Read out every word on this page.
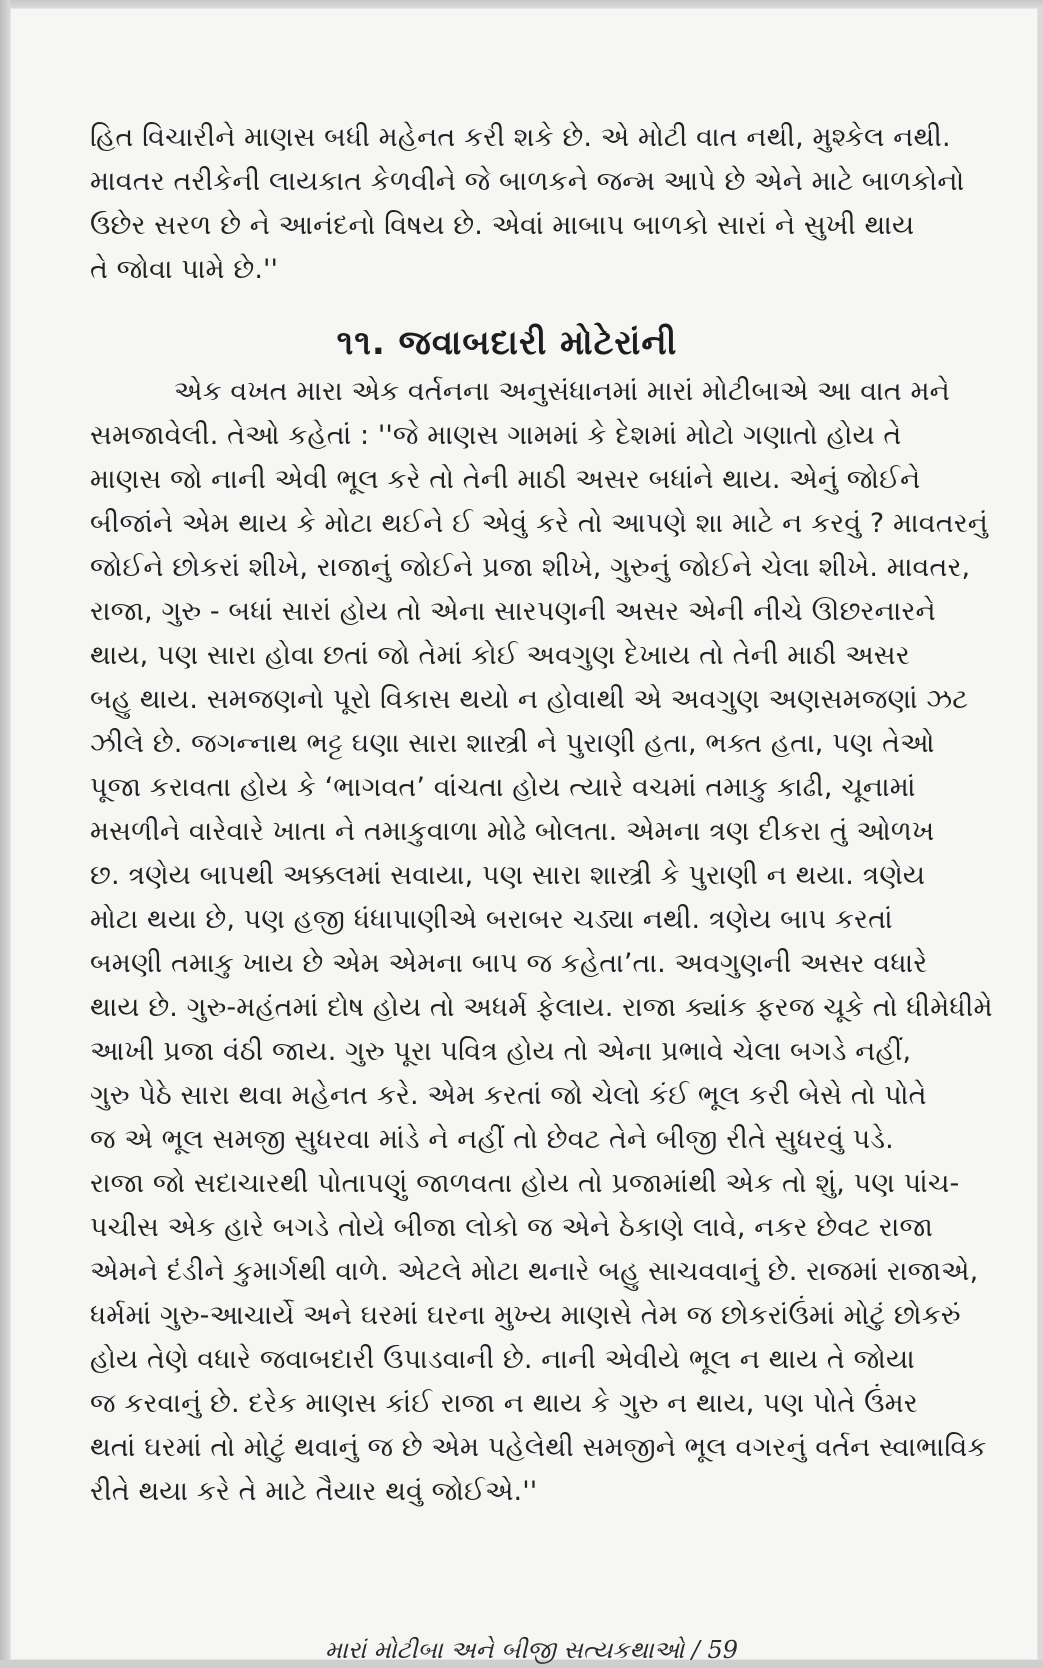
હિત વિચારીને માણસ બધી મહેનત કરી શકે છે. એ મોટી વાત નથી, મુશ્કેલ નથી.
માવતર તરીકેની લાયકાત કેળવીને જે બાળકને જન્મ આપે છે એને માટે બાળકોનો
ઉછેર સરળ છે ને આનંદનો વિષય છે. એવાં માબાપ બાળકો સારાં ને સુખી થાય
તે જોવા પામે છે.''
૧૧. જવાબદારી મોટેરાંની
એક વખત મારા એક વર્તનના અનુસંધાનમાં મારાં મોટીબાએ આ વાત મને
સમજાવેલી. તેઓ કહેતાં : ''જે માણસ ગામમાં કે દેશમાં મોટો ગણાતો હોય તે
માણસ જો નાની એવી ભૂલ કરે તો તેની માઠી અસર બધાંને થાય. એનું જોઈને
બીજાંને એમ થાય કે મોટા થઈને ઈ એવું કરે તો આપણે શા માટે ન કરવું ? માવતરનું
જોઈને છોકરાં શીખે, રાજાનું જોઈને પ્રજા શીખે, ગુરુનું જોઈને ચેલા શીખે. માવતર,
રાજા, ગુરુ - બધાં સારાં હોય તો એના સારપણની અસર એની નીચે ઊછરનારને
થાય, પણ સારા હોવા છતાં જો તેમાં કોઈ અવગુણ દેખાય તો તેની માઠી અસર
બહુ થાય. સમજણનો પૂરો વિકાસ થયો ન હોવાથી એ અવગુણ અણસમજણાં ઝટ
ઝીલે છે. જગન્નાથ ભટ્ટ ઘણા સારા શાસ્ત્રી ને પુરાણી હતા, ભક્ત હતા, પણ તેઓ
પૂજા કરાવતા હોય કે ‘ભાગવત’ વાંચતા હોય ત્યારે વચમાં તમાકુ કાઢી, ચૂનામાં
મસળીને વારેવારે ખાતા ને તમાકુવાળા મોઢે બોલતા. એમના ત્રણ દીકરા તું ઓળખ
છ. ત્રણેય બાપથી અક્કલમાં સવાયા, પણ સારા શાસ્ત્રી કે પુરાણી ન થયા. ત્રણેય
મોટા થયા છે, પણ હજી ધંધાપાણીએ બરાબર ચડ્યા નથી. ત્રણેય બાપ કરતાં
બમણી તમાકુ ખાય છે એમ એમના બાપ જ કહેતા’તા. અવગુણની અસર વધારે
થાય છે. ગુરુ-મહંતમાં દોષ હોય તો અધર્મ ફેલાય. રાજા ક્યાંક ફરજ ચૂકે તો ધીમેધીમે
આખી પ્રજા વંઠી જાય. ગુરુ પૂરા પવિત્ર હોય તો એના પ્રભાવે ચેલા બગડે નહીં,
ગુરુ પેઠે સારા થવા મહેનત કરે. એમ કરતાં જો ચેલો કંઈ ભૂલ કરી બેસે તો પોતે
જ એ ભૂલ સમજી સુધરવા માંડે ને નહીં તો છેવટ તેને બીજી રીતે સુધરવું પડે.
રાજા જો સદાચારથી પોતાપણું જાળવતા હોય તો પ્રજામાંથી એક તો શું, પણ પાંચ-
પચીસ એક હારે બગડે તોયે બીજા લોકો જ એને ઠેકાણે લાવે, નકર છેવટ રાજા
એમને દંડીને કુમાર્ગથી વાળે. એટલે મોટા થનારે બહુ સાચવવાનું છે. રાજમાં રાજાએ,
ધર્મમાં ગુરુ-આચાર્યે અને ઘરમાં ઘરના મુખ્ય માણસે તેમ જ છોકરાંઉંમાં મોટું છોકરું
હોય તેણે વધારે જવાબદારી ઉપાડવાની છે. નાની એવીયે ભૂલ ન થાય તે જોયા
જ કરવાનું છે. દરેક માણસ કાંઈ રાજા ન થાય કે ગુરુ ન થાય, પણ પોતે ઉંમર
થતાં ઘરમાં તો મોટું થવાનું જ છે એમ પહેલેથી સમજીને ભૂલ વગરનું વર્તન સ્વાભાવિક
રીતે થયા કરે તે માટે તૈયાર થવું જોઈએ.''
મારાં મોટીબા અને બીજી સત્યકથાઓ / 59
